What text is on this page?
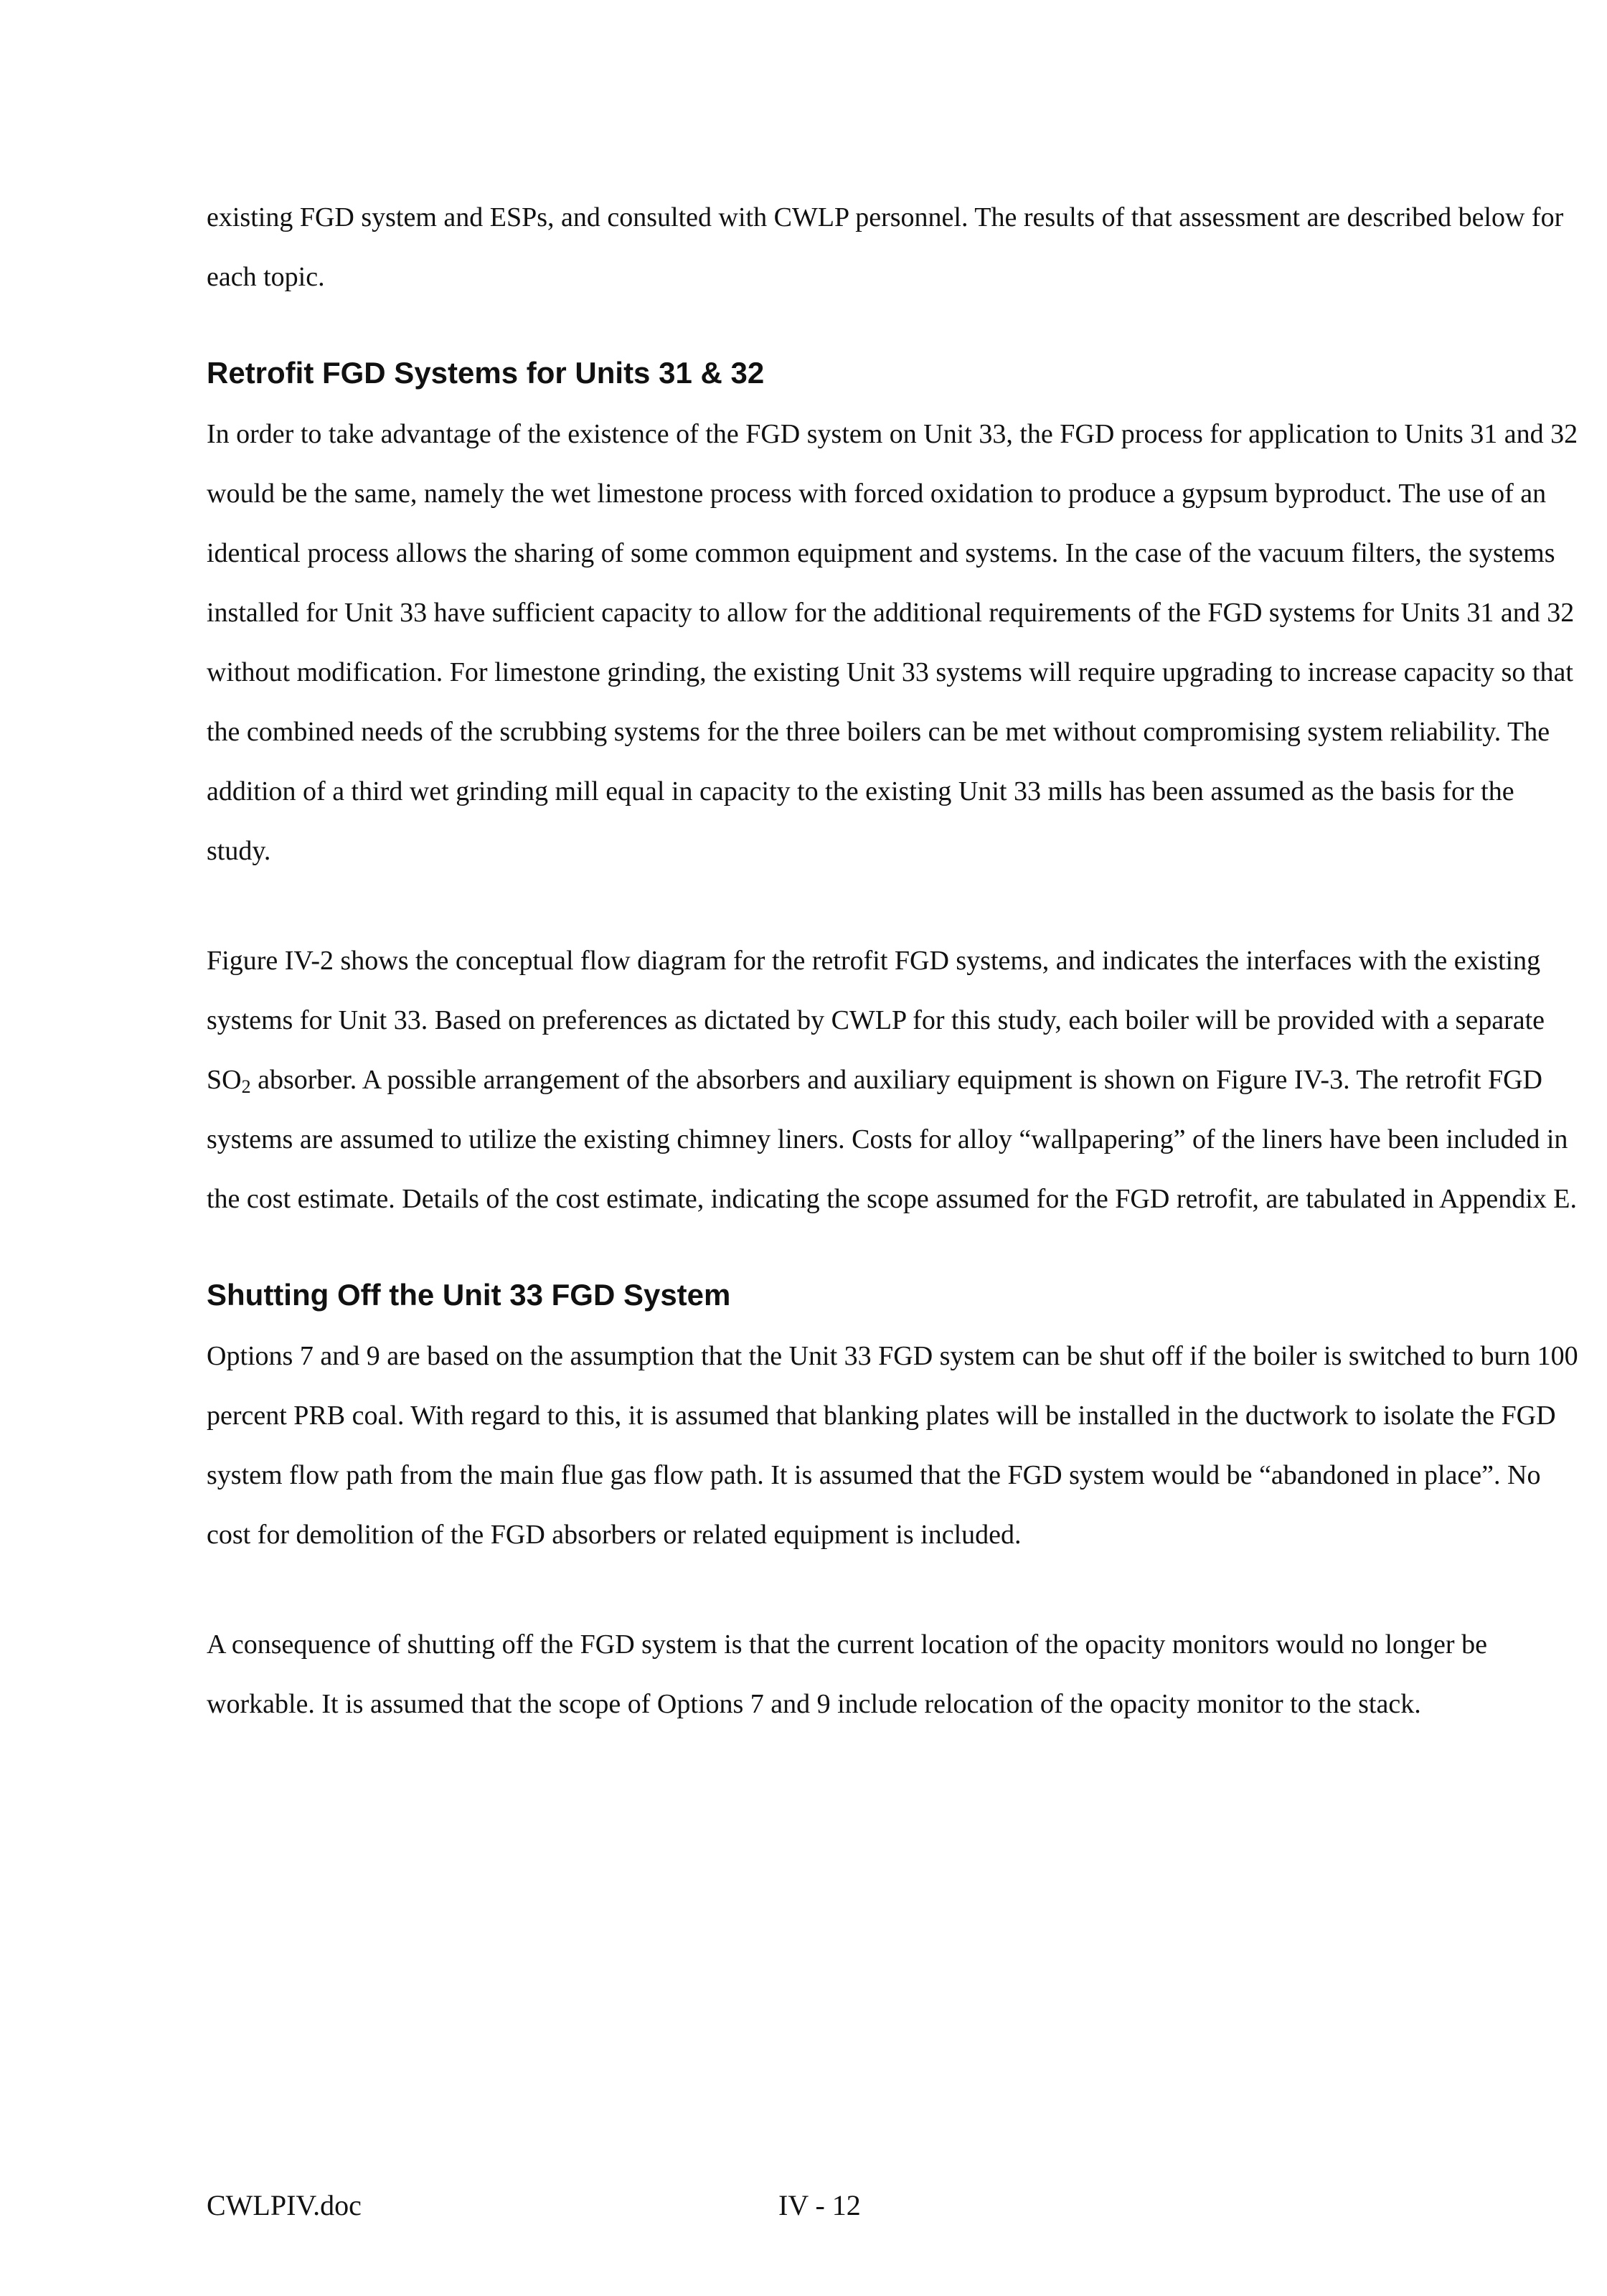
existing FGD system and ESPs, and consulted with CWLP personnel. The results of that assessment are described below for each topic.

Retrofit FGD Systems for Units 31 & 32

In order to take advantage of the existence of the FGD system on Unit 33, the FGD process for application to Units 31 and 32 would be the same, namely the wet limestone process with forced oxidation to produce a gypsum byproduct. The use of an identical process allows the sharing of some common equipment and systems. In the case of the vacuum filters, the systems installed for Unit 33 have sufficient capacity to allow for the additional requirements of the FGD systems for Units 31 and 32 without modification. For limestone grinding, the existing Unit 33 systems will require upgrading to increase capacity so that the combined needs of the scrubbing systems for the three boilers can be met without compromising system reliability. The addition of a third wet grinding mill equal in capacity to the existing Unit 33 mills has been assumed as the basis for the study.

Figure IV-2 shows the conceptual flow diagram for the retrofit FGD systems, and indicates the interfaces with the existing systems for Unit 33. Based on preferences as dictated by CWLP for this study, each boiler will be provided with a separate $SO_2$ absorber. A possible arrangement of the absorbers and auxiliary equipment is shown on Figure IV-3. The retrofit FGD systems are assumed to utilize the existing chimney liners. Costs for alloy “wallpapering” of the liners have been included in the cost estimate. Details of the cost estimate, indicating the scope assumed for the FGD retrofit, are tabulated in Appendix E.

Shutting Off the Unit 33 FGD System

Options 7 and 9 are based on the assumption that the Unit 33 FGD system can be shut off if the boiler is switched to burn 100 percent PRB coal. With regard to this, it is assumed that blanking plates will be installed in the ductwork to isolate the FGD system flow path from the main flue gas flow path. It is assumed that the FGD system would be “abandoned in place”. No cost for demolition of the FGD absorbers or related equipment is included.

A consequence of shutting off the FGD system is that the current location of the opacity monitors would no longer be workable. It is assumed that the scope of Options 7 and 9 include relocation of the opacity monitor to the stack.

CWLPIV.doc	IV - 12
